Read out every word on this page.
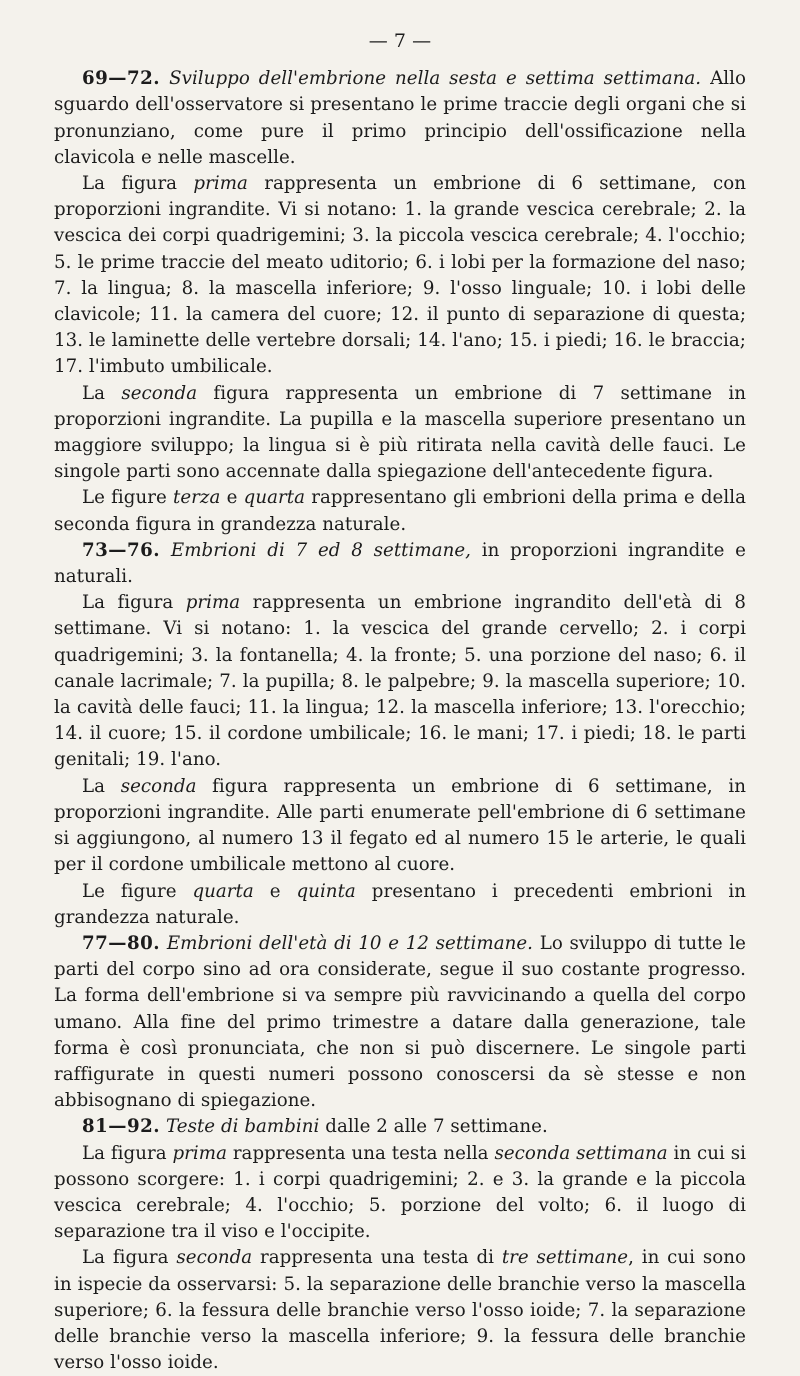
— 7 —

69—72. Sviluppo dell'embrione nella sesta e settima settimana. Allo sguardo dell'osservatore si presentano le prime traccie degli organi che si pronunziano, come pure il primo principio dell'ossificazione nella clavicola e nelle mascelle.

La figura prima rappresenta un embrione di 6 settimane, con proporzioni ingrandite. Vi si notano: 1. la grande vescica cerebrale; 2. la vescica dei corpi quadrigemini; 3. la piccola vescica cerebrale; 4. l'occhio; 5. le prime traccie del meato uditorio; 6. i lobi per la formazione del naso; 7. la lingua; 8. la mascella inferiore; 9. l'osso linguale; 10. i lobi delle clavicole; 11. la camera del cuore; 12. il punto di separazione di questa; 13. le laminette delle vertebre dorsali; 14. l'ano; 15. i piedi; 16. le braccia; 17. l'imbuto umbilicale.

La seconda figura rappresenta un embrione di 7 settimane in proporzioni ingrandite. La pupilla e la mascella superiore presentano un maggiore sviluppo; la lingua si è più ritirata nella cavità delle fauci. Le singole parti sono accennate dalla spiegazione dell'antecedente figura.

Le figure terza e quarta rappresentano gli embrioni della prima e della seconda figura in grandezza naturale.

73—76. Embrioni di 7 ed 8 settimane, in proporzioni ingrandite e naturali.

La figura prima rappresenta un embrione ingrandito dell'età di 8 settimane. Vi si notano: 1. la vescica del grande cervello; 2. i corpi quadrigemini; 3. la fontanella; 4. la fronte; 5. una porzione del naso; 6. il canale lacrimale; 7. la pupilla; 8. le palpebre; 9. la mascella superiore; 10. la cavità delle fauci; 11. la lingua; 12. la mascella inferiore; 13. l'orecchio; 14. il cuore; 15. il cordone umbilicale; 16. le mani; 17. i piedi; 18. le parti genitali; 19. l'ano.

La seconda figura rappresenta un embrione di 6 settimane, in proporzioni ingrandite. Alle parti enumerate pell'embrione di 6 settimane si aggiungono, al numero 13 il fegato ed al numero 15 le arterie, le quali per il cordone umbilicale mettono al cuore.

Le figure quarta e quinta presentano i precedenti embrioni in grandezza naturale.

77—80. Embrioni dell'età di 10 e 12 settimane. Lo sviluppo di tutte le parti del corpo sino ad ora considerate, segue il suo costante progresso. La forma dell'embrione si va sempre più ravvicinando a quella del corpo umano. Alla fine del primo trimestre a datare dalla generazione, tale forma è così pronunciata, che non si può discernere. Le singole parti raffigurate in questi numeri possono conoscersi da sè stesse e non abbisognano di spiegazione.

81—92. Teste di bambini dalle 2 alle 7 settimane.

La figura prima rappresenta una testa nella seconda settimana in cui si possono scorgere: 1. i corpi quadrigemini; 2. e 3. la grande e la piccola vescica cerebrale; 4. l'occhio; 5. porzione del volto; 6. il luogo di separazione tra il viso e l'occipite.

La figura seconda rappresenta una testa di tre settimane, in cui sono in ispecie da osservarsi: 5. la separazione delle branchie verso la mascella superiore; 6. la fessura delle branchie verso l'osso ioide; 7. la separazione delle branchie verso la mascella inferiore; 9. la fessura delle branchie verso l'osso ioide.
